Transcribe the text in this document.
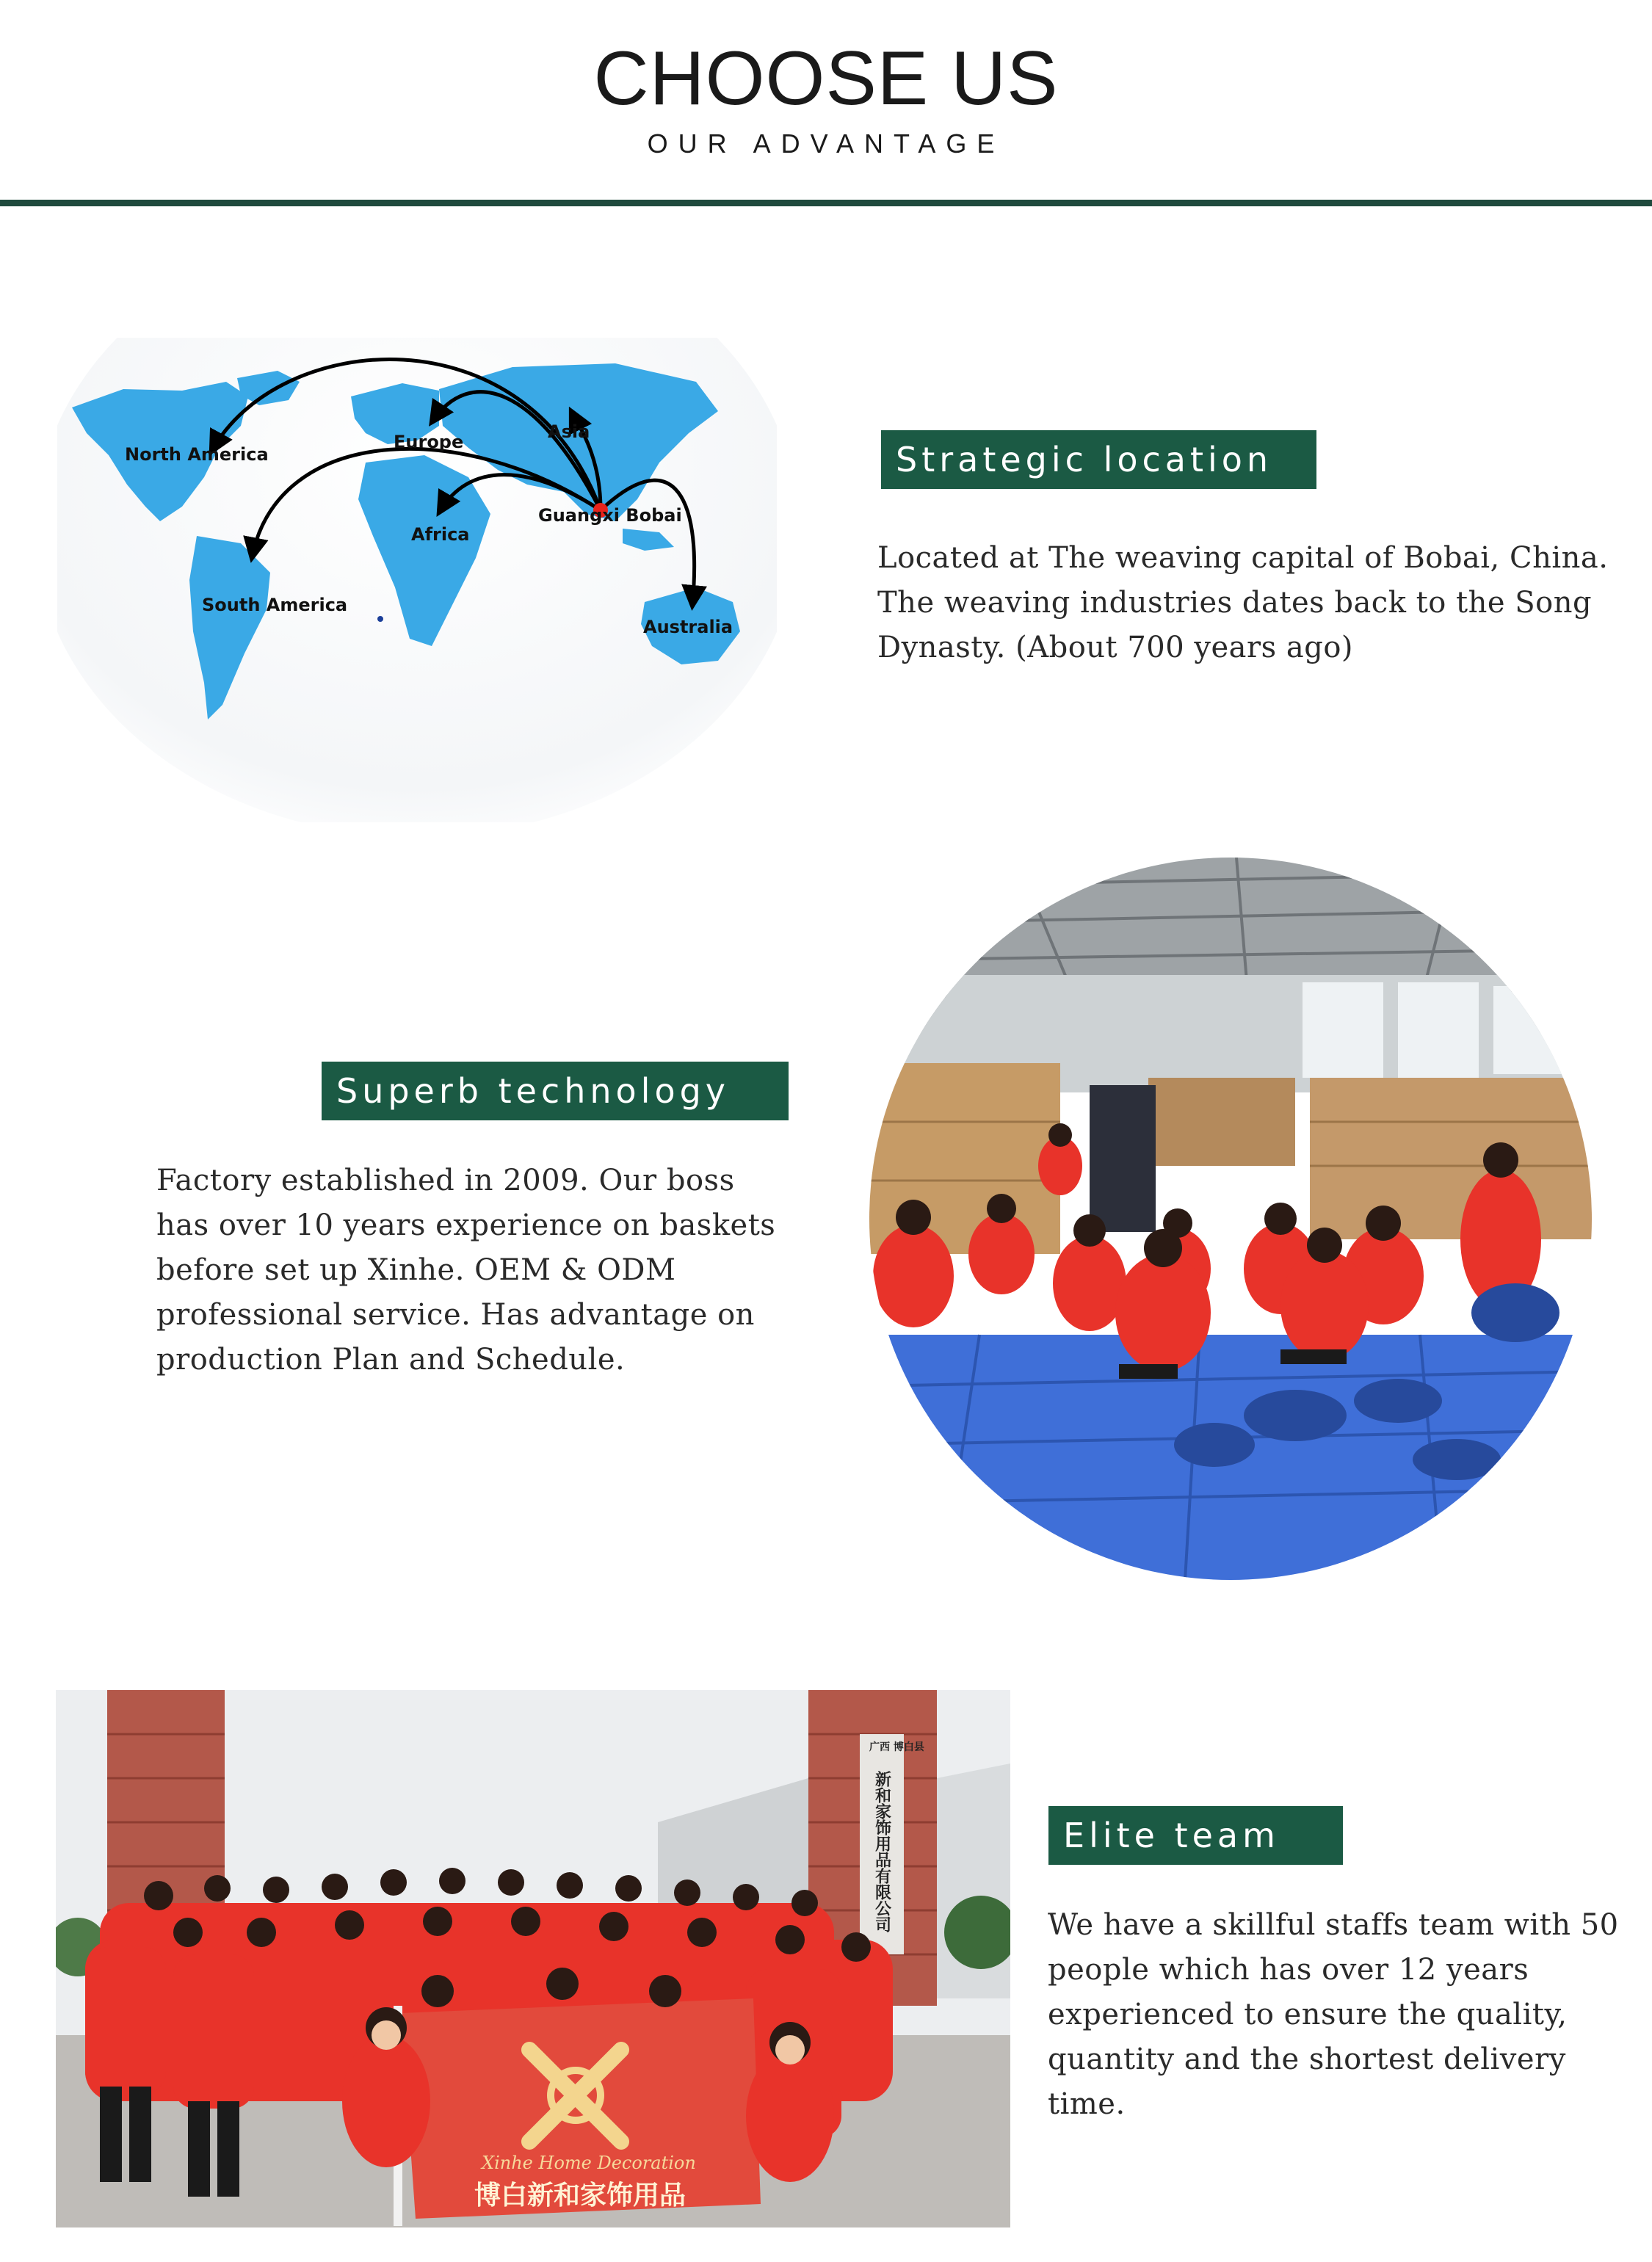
CHOOSE US
OUR ADVANTAGE
North America
Europe	Asia
Africa
Guangxi Bobai
South America
Australia
Strategic location
Located at The weaving capital of Bobai, China.
The weaving industries dates back to the Song
Dynasty. (About 700 years ago)
Superb technology
Factory established in 2009. Our boss
has over 10 years experience on baskets
before set up Xinhe. OEM & ODM
professional service. Has advantage on
production Plan and Schedule.
广西 博白县
新和家饰用品有限公司
Xinhe Home Decoration
博白新和家饰用品
Elite team
We have a skillful staffs team with 50
people which has over 12 years
experienced to ensure the quality,
quantity and the shortest delivery time.
